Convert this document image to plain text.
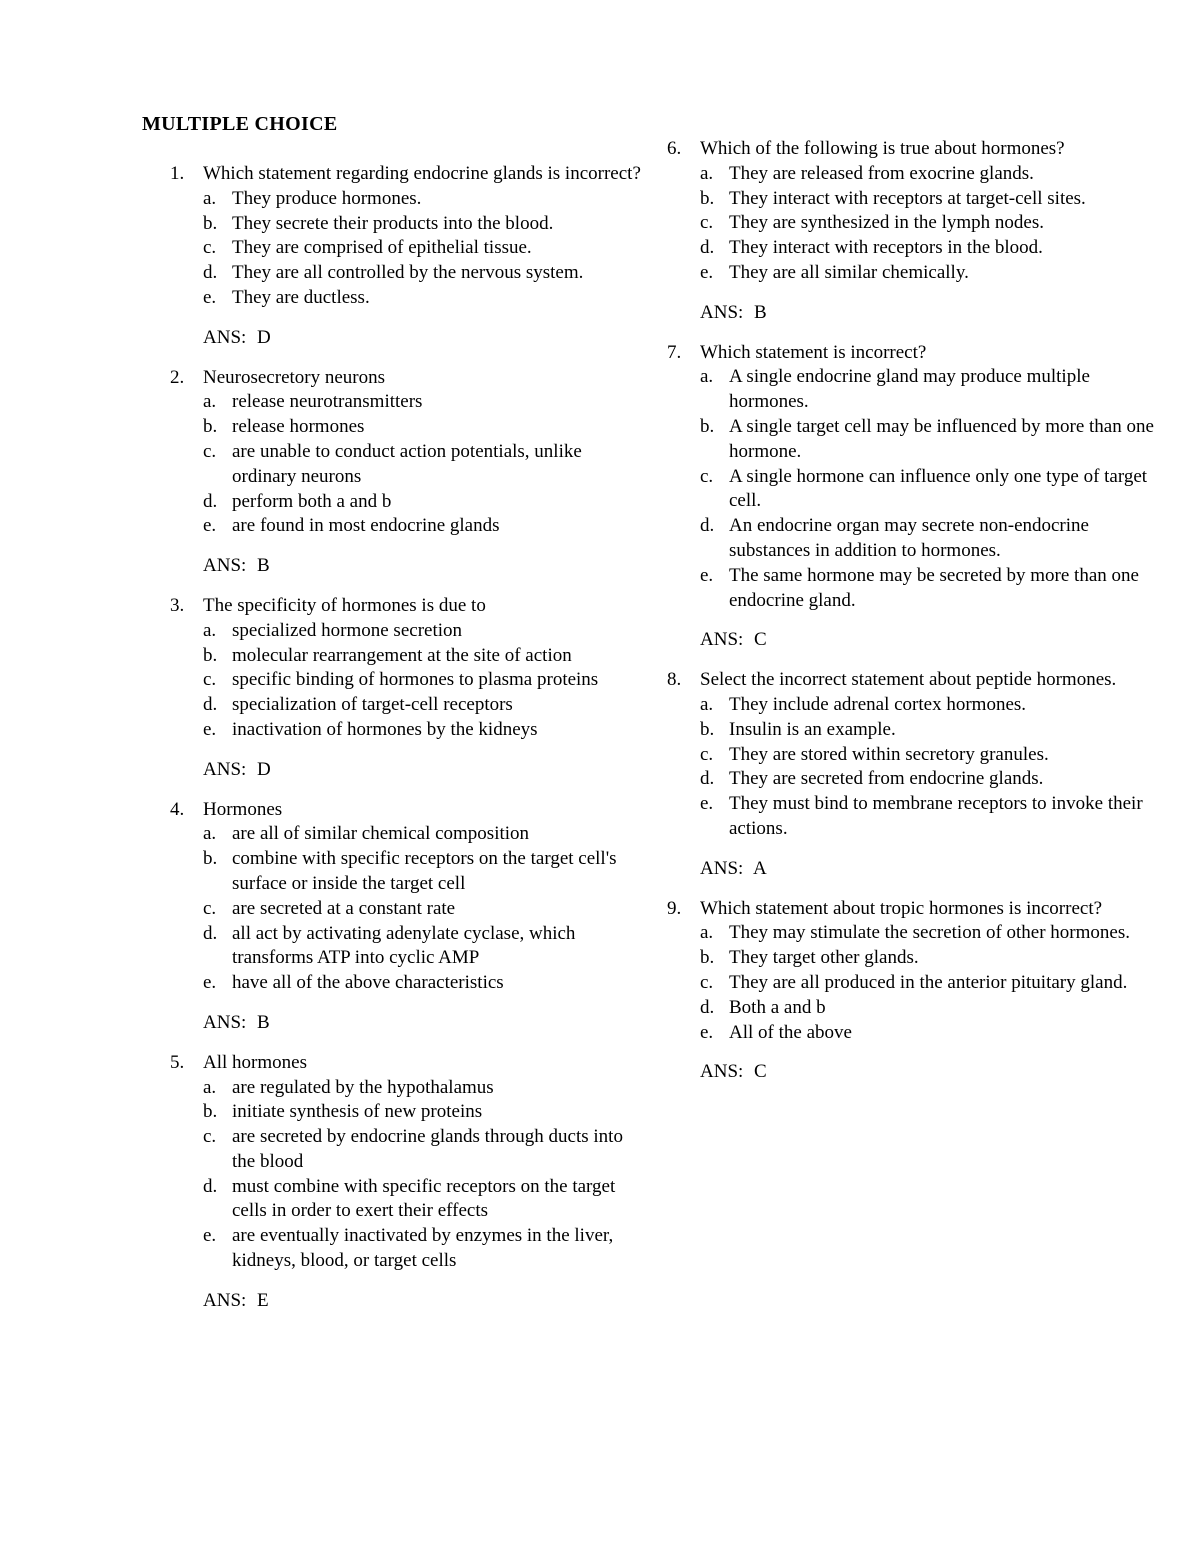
MULTIPLE CHOICE
1. Which statement regarding endocrine glands is incorrect?
a. They produce hormones.
b. They secrete their products into the blood.
c. They are comprised of epithelial tissue.
d. They are all controlled by the nervous system.
e. They are ductless.
ANS: D
2. Neurosecretory neurons
a. release neurotransmitters
b. release hormones
c. are unable to conduct action potentials, unlike ordinary neurons
d. perform both a and b
e. are found in most endocrine glands
ANS: B
3. The specificity of hormones is due to
a. specialized hormone secretion
b. molecular rearrangement at the site of action
c. specific binding of hormones to plasma proteins
d. specialization of target-cell receptors
e. inactivation of hormones by the kidneys
ANS: D
4. Hormones
a. are all of similar chemical composition
b. combine with specific receptors on the target cell's surface or inside the target cell
c. are secreted at a constant rate
d. all act by activating adenylate cyclase, which transforms ATP into cyclic AMP
e. have all of the above characteristics
ANS: B
5. All hormones
a. are regulated by the hypothalamus
b. initiate synthesis of new proteins
c. are secreted by endocrine glands through ducts into the blood
d. must combine with specific receptors on the target cells in order to exert their effects
e. are eventually inactivated by enzymes in the liver, kidneys, blood, or target cells
ANS: E
6. Which of the following is true about hormones?
a. They are released from exocrine glands.
b. They interact with receptors at target-cell sites.
c. They are synthesized in the lymph nodes.
d. They interact with receptors in the blood.
e. They are all similar chemically.
ANS: B
7. Which statement is incorrect?
a. A single endocrine gland may produce multiple hormones.
b. A single target cell may be influenced by more than one hormone.
c. A single hormone can influence only one type of target cell.
d. An endocrine organ may secrete non-endocrine substances in addition to hormones.
e. The same hormone may be secreted by more than one endocrine gland.
ANS: C
8. Select the incorrect statement about peptide hormones.
a. They include adrenal cortex hormones.
b. Insulin is an example.
c. They are stored within secretory granules.
d. They are secreted from endocrine glands.
e. They must bind to membrane receptors to invoke their actions.
ANS: A
9. Which statement about tropic hormones is incorrect?
a. They may stimulate the secretion of other hormones.
b. They target other glands.
c. They are all produced in the anterior pituitary gland.
d. Both a and b
e. All of the above
ANS: C
